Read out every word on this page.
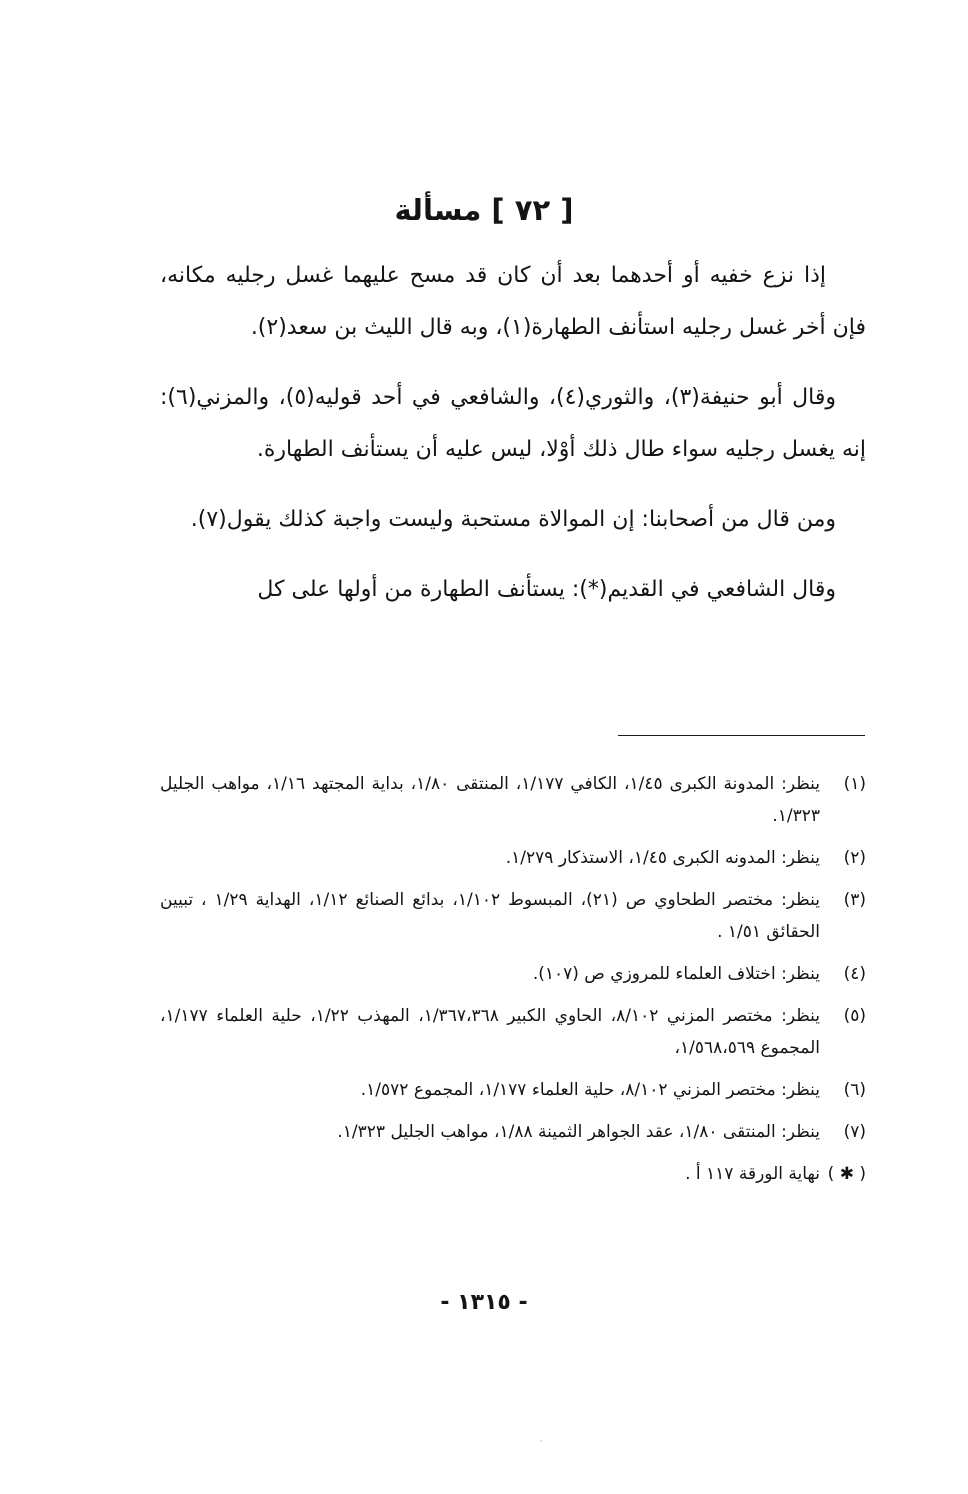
[ ٧٢ ] مسألة

إذا نزع خفيه أو أحدهما بعد أن كان قد مسح عليهما غسل رجليه مكانه، فإن أخر غسل رجليه استأنف الطهارة(١)، وبه قال الليث بن سعد(٢).

وقال أبو حنيفة(٣)، والثوري(٤)، والشافعي في أحد قوليه(٥)، والمزني(٦): إنه يغسل رجليه سواء طال ذلك أوْلا، ليس عليه أن يستأنف الطهارة.

ومن قال من أصحابنا: إن الموالاة مستحبة وليست واجبة كذلك يقول(٧).

وقال الشافعي في القديم(*): يستأنف الطهارة من أولها على كل

(١)
ينظر: المدونة الكبرى ١/٤٥، الكافي ١/١٧٧، المنتقى ١/٨٠، بداية المجتهد ١/١٦، مواهب الجليل ١/٣٢٣.
(٢)
ينظر: المدونه الكبرى ١/٤٥، الاستذكار ١/٢٧٩.
(٣)
ينظر: مختصر الطحاوي ص (٢١)، المبسوط ١/١٠٢، بدائع الصنائع ١/١٢، الهداية ١/٢٩ ، تبيين الحقائق ١/٥١ .
(٤)
ينظر: اختلاف العلماء للمروزي ص (١٠٧).
(٥)
ينظر: مختصر المزني ٨/١٠٢، الحاوي الكبير ١/٣٦٧،٣٦٨، المهذب ١/٢٢، حلية العلماء ١/١٧٧، المجموع ١/٥٦٨،٥٦٩،
(٦)
ينظر: مختصر المزني ٨/١٠٢، حلية العلماء ١/١٧٧، المجموع ١/٥٧٢.
(٧)
ينظر: المنتقى ١/٨٠، عقد الجواهر الثمينة ١/٨٨، مواهب الجليل ١/٣٢٣.
( ✱ )
نهاية الورقة ١١٧ أ .
- ١٣١٥ -
